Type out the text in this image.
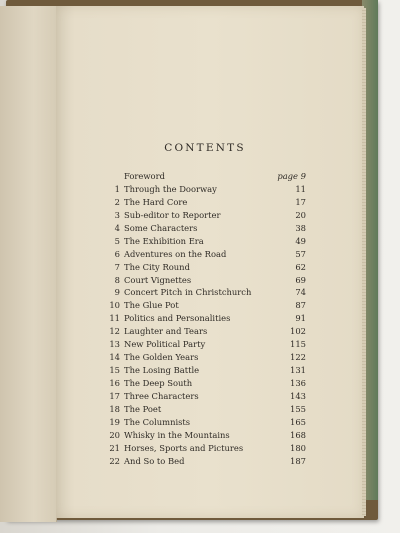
CONTENTS
Foreword	page 9
1 Through the Doorway	11
2 The Hard Core	17
3 Sub-editor to Reporter	20
4 Some Characters	38
5 The Exhibition Era	49
6 Adventures on the Road	57
7 The City Round	62
8 Court Vignettes	69
9 Concert Pitch in Christchurch	74
10 The Glue Pot	87
11 Politics and Personalities	91
12 Laughter and Tears	102
13 New Political Party	115
14 The Golden Years	122
15 The Losing Battle	131
16 The Deep South	136
17 Three Characters	143
18 The Poet	155
19 The Columnists	165
20 Whisky in the Mountains	168
21 Horses, Sports and Pictures	180
22 And So to Bed	187
